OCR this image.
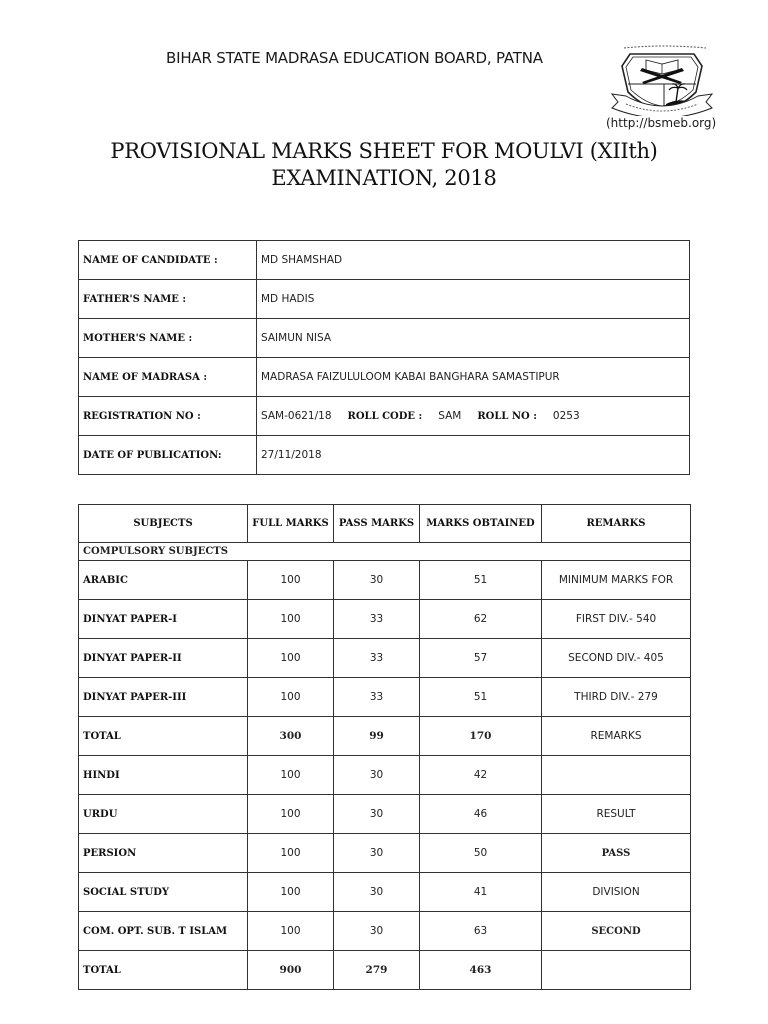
BIHAR STATE MADRASA EDUCATION BOARD, PATNA
(http://bsmeb.org)
PROVISIONAL MARKS SHEET FOR MOULVI (XIIth)
EXAMINATION, 2018
NAME OF CANDIDATE :	MD SHAMSHAD
FATHER'S NAME :	MD HADIS
MOTHER'S NAME :	SAIMUN NISA
NAME OF MADRASA :	MADRASA FAIZULULOOM KABAI BANGHARA SAMASTIPUR
REGISTRATION NO :	SAM-0621/18 ROLL CODE : SAM ROLL NO : 0253
DATE OF PUBLICATION:	27/11/2018
SUBJECTS	FULL MARKS	PASS MARKS	MARKS OBTAINED	REMARKS
COMPULSORY SUBJECTS				
ARABIC	100	30	51	MINIMUM MARKS FOR
DINYAT PAPER-I	100	33	62	FIRST DIV.- 540
DINYAT PAPER-II	100	33	57	SECOND DIV.- 405
DINYAT PAPER-III	100	33	51	THIRD DIV.- 279
TOTAL	300	99	170	REMARKS
HINDI	100	30	42	
URDU	100	30	46	RESULT
PERSION	100	30	50	PASS
SOCIAL STUDY	100	30	41	DIVISION
COM. OPT. SUB. T ISLAM	100	30	63	SECOND
TOTAL	900	279	463	
